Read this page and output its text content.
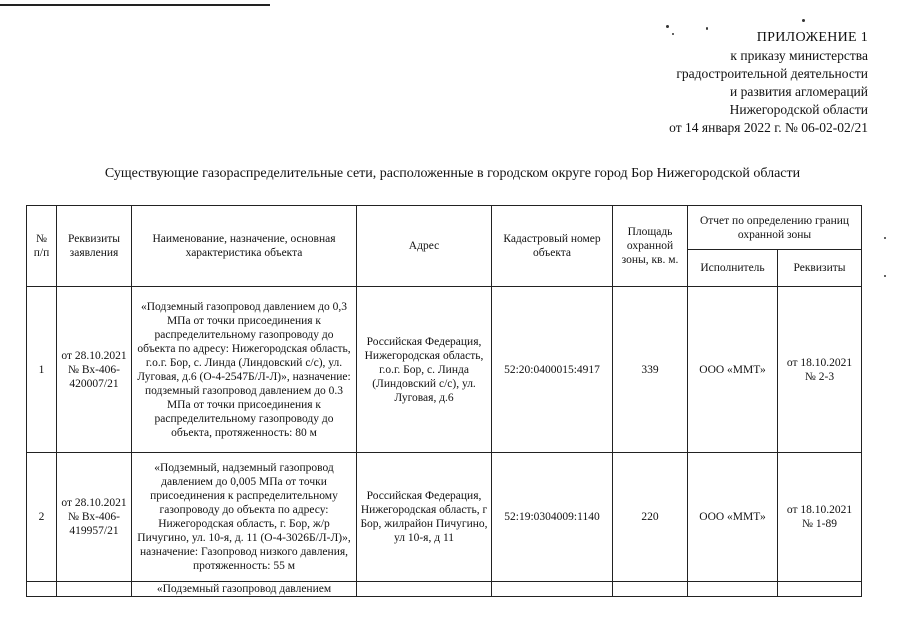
ПРИЛОЖЕНИЕ 1
к приказу министерства
градостроительной деятельности
и развития агломераций
Нижегородской области
от 14 января 2022 г. № 06-02-02/21
Существующие газораспределительные сети, расположенные в городском округе город Бор Нижегородской области
№ п/п	Реквизиты заявления	Наименование, назначение, основная характеристика объекта	Адрес	Кадастровый номер объекта	Площадь охранной зоны, кв. м.	Отчет по определению границ охранной зоны	
						Исполнитель	Реквизиты
1	от 28.10.2021 № Вх-406-420007/21	«Подземный газопровод давлением до 0,3 МПа от точки присоединения к распределительному газопроводу до объекта по адресу: Нижегородская область, г.о.г. Бор, с. Линда (Линдовский с/с), ул. Луговая, д.6 (О-4-2547Б/Л-Л)», назначение: подземный газопровод давлением до 0.3 МПа от точки присоединения к распределительному газопроводу до объекта, протяженность: 80 м	Российская Федерация, Нижегородская область, г.о.г. Бор, с. Линда (Линдовский с/с), ул. Луговая, д.6	52:20:0400015:4917	339	ООО «ММТ»	от 18.10.2021 № 2-3
2	от 28.10.2021 № Вх-406-419957/21	«Подземный, надземный газопровод давлением до 0,005 МПа от точки присоединения к распределительному газопроводу до объекта по адресу: Нижегородская область, г. Бор, ж/р Пичугино, ул. 10-я, д. 11 (О-4-3026Б/Л-Л)», назначение: Газопровод низкого давления, протяженность: 55 м	Российская Федерация, Нижегородская область, г Бор, жилрайон Пичугино, ул 10-я, д 11	52:19:0304009:1140	220	ООО «ММТ»	от 18.10.2021 № 1-89

		«Подземный газопровод давлением					
